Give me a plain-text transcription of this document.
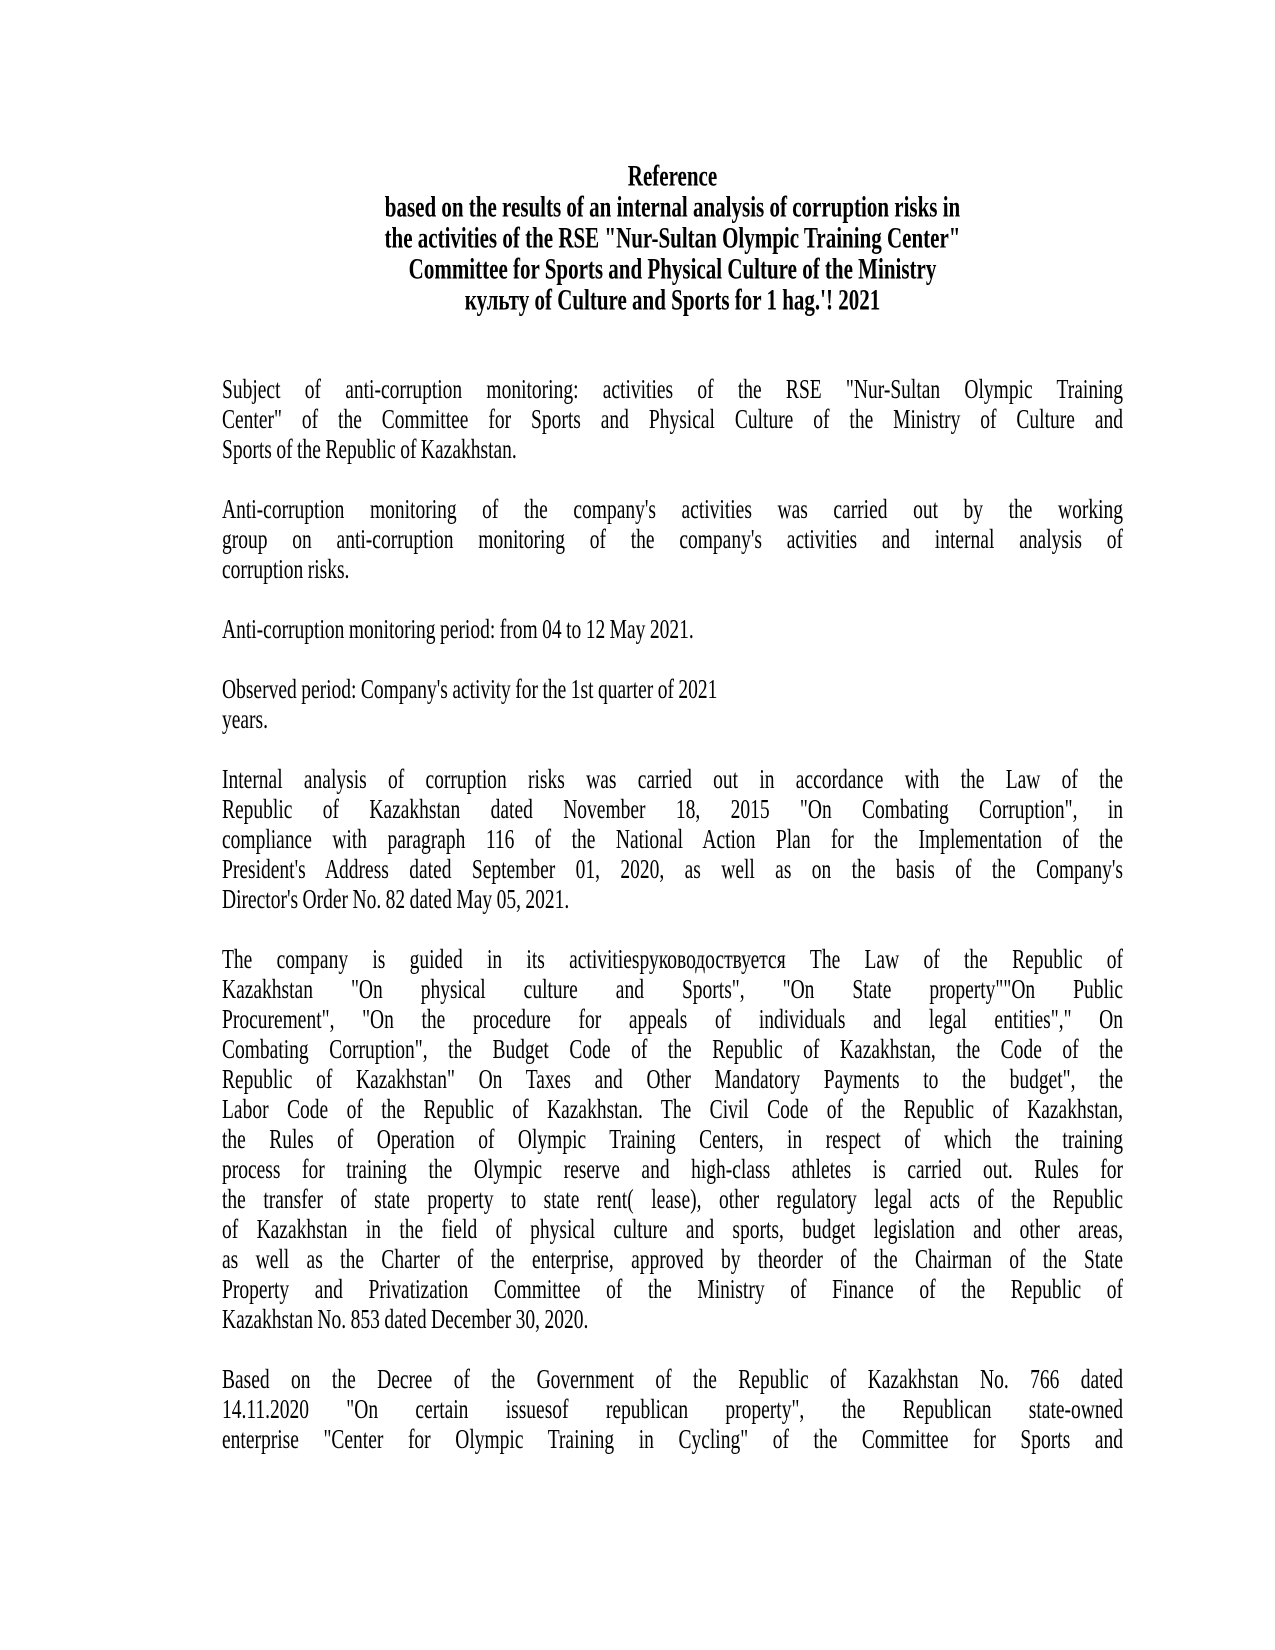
Reference
based on the results of an internal analysis of corruption risks in
the activities of the RSE "Nur-Sultan Olympic Training Center"
Committee for Sports and Physical Culture of the Ministry
культу of Culture and Sports for 1 hag.'! 2021
Subject of anti-corruption monitoring: activities of the RSE "Nur-Sultan Olympic Training
Center" of the Committee for Sports and Physical Culture of the Ministry of Culture and
Sports of the Republic of Kazakhstan.
Anti-corruption monitoring of the company's activities was carried out by the working
group on anti-corruption monitoring of the company's activities and internal analysis of
corruption risks.
Anti-corruption monitoring period: from 04 to 12 May 2021.
Observed period: Company's activity for the 1st quarter of 2021
years.
Internal analysis of corruption risks was carried out in accordance with the Law of the
Republic of Kazakhstan dated November 18, 2015 "On Combating Corruption", in
compliance with paragraph 116 of the National Action Plan for the Implementation of the
President's Address dated September 01, 2020, as well as on the basis of the Company's
Director's Order No. 82 dated May 05, 2021.
The company is guided in its activitiesруководоствуется The Law of the Republic of
Kazakhstan "On physical culture and Sports", "On State property""On Public
Procurement", "On the procedure for appeals of individuals and legal entities"," On
Combating Corruption", the Budget Code of the Republic of Kazakhstan, the Code of the
Republic of Kazakhstan" On Taxes and Other Mandatory Payments to the budget", the
Labor Code of the Republic of Kazakhstan. The Civil Code of the Republic of Kazakhstan,
the Rules of Operation of Olympic Training Centers, in respect of which the training
process for training the Olympic reserve and high-class athletes is carried out. Rules for
the transfer of state property to state rent( lease), other regulatory legal acts of the Republic
of Kazakhstan in the field of physical culture and sports, budget legislation and other areas,
as well as the Charter of the enterprise, approved by theorder of the Chairman of the State
Property and Privatization Committee of the Ministry of Finance of the Republic of
Kazakhstan No. 853 dated December 30, 2020.
Based on the Decree of the Government of the Republic of Kazakhstan No. 766 dated
14.11.2020 "On certain issuesof republican property", the Republican state-owned
enterprise "Center for Olympic Training in Cycling" of the Committee for Sports and
